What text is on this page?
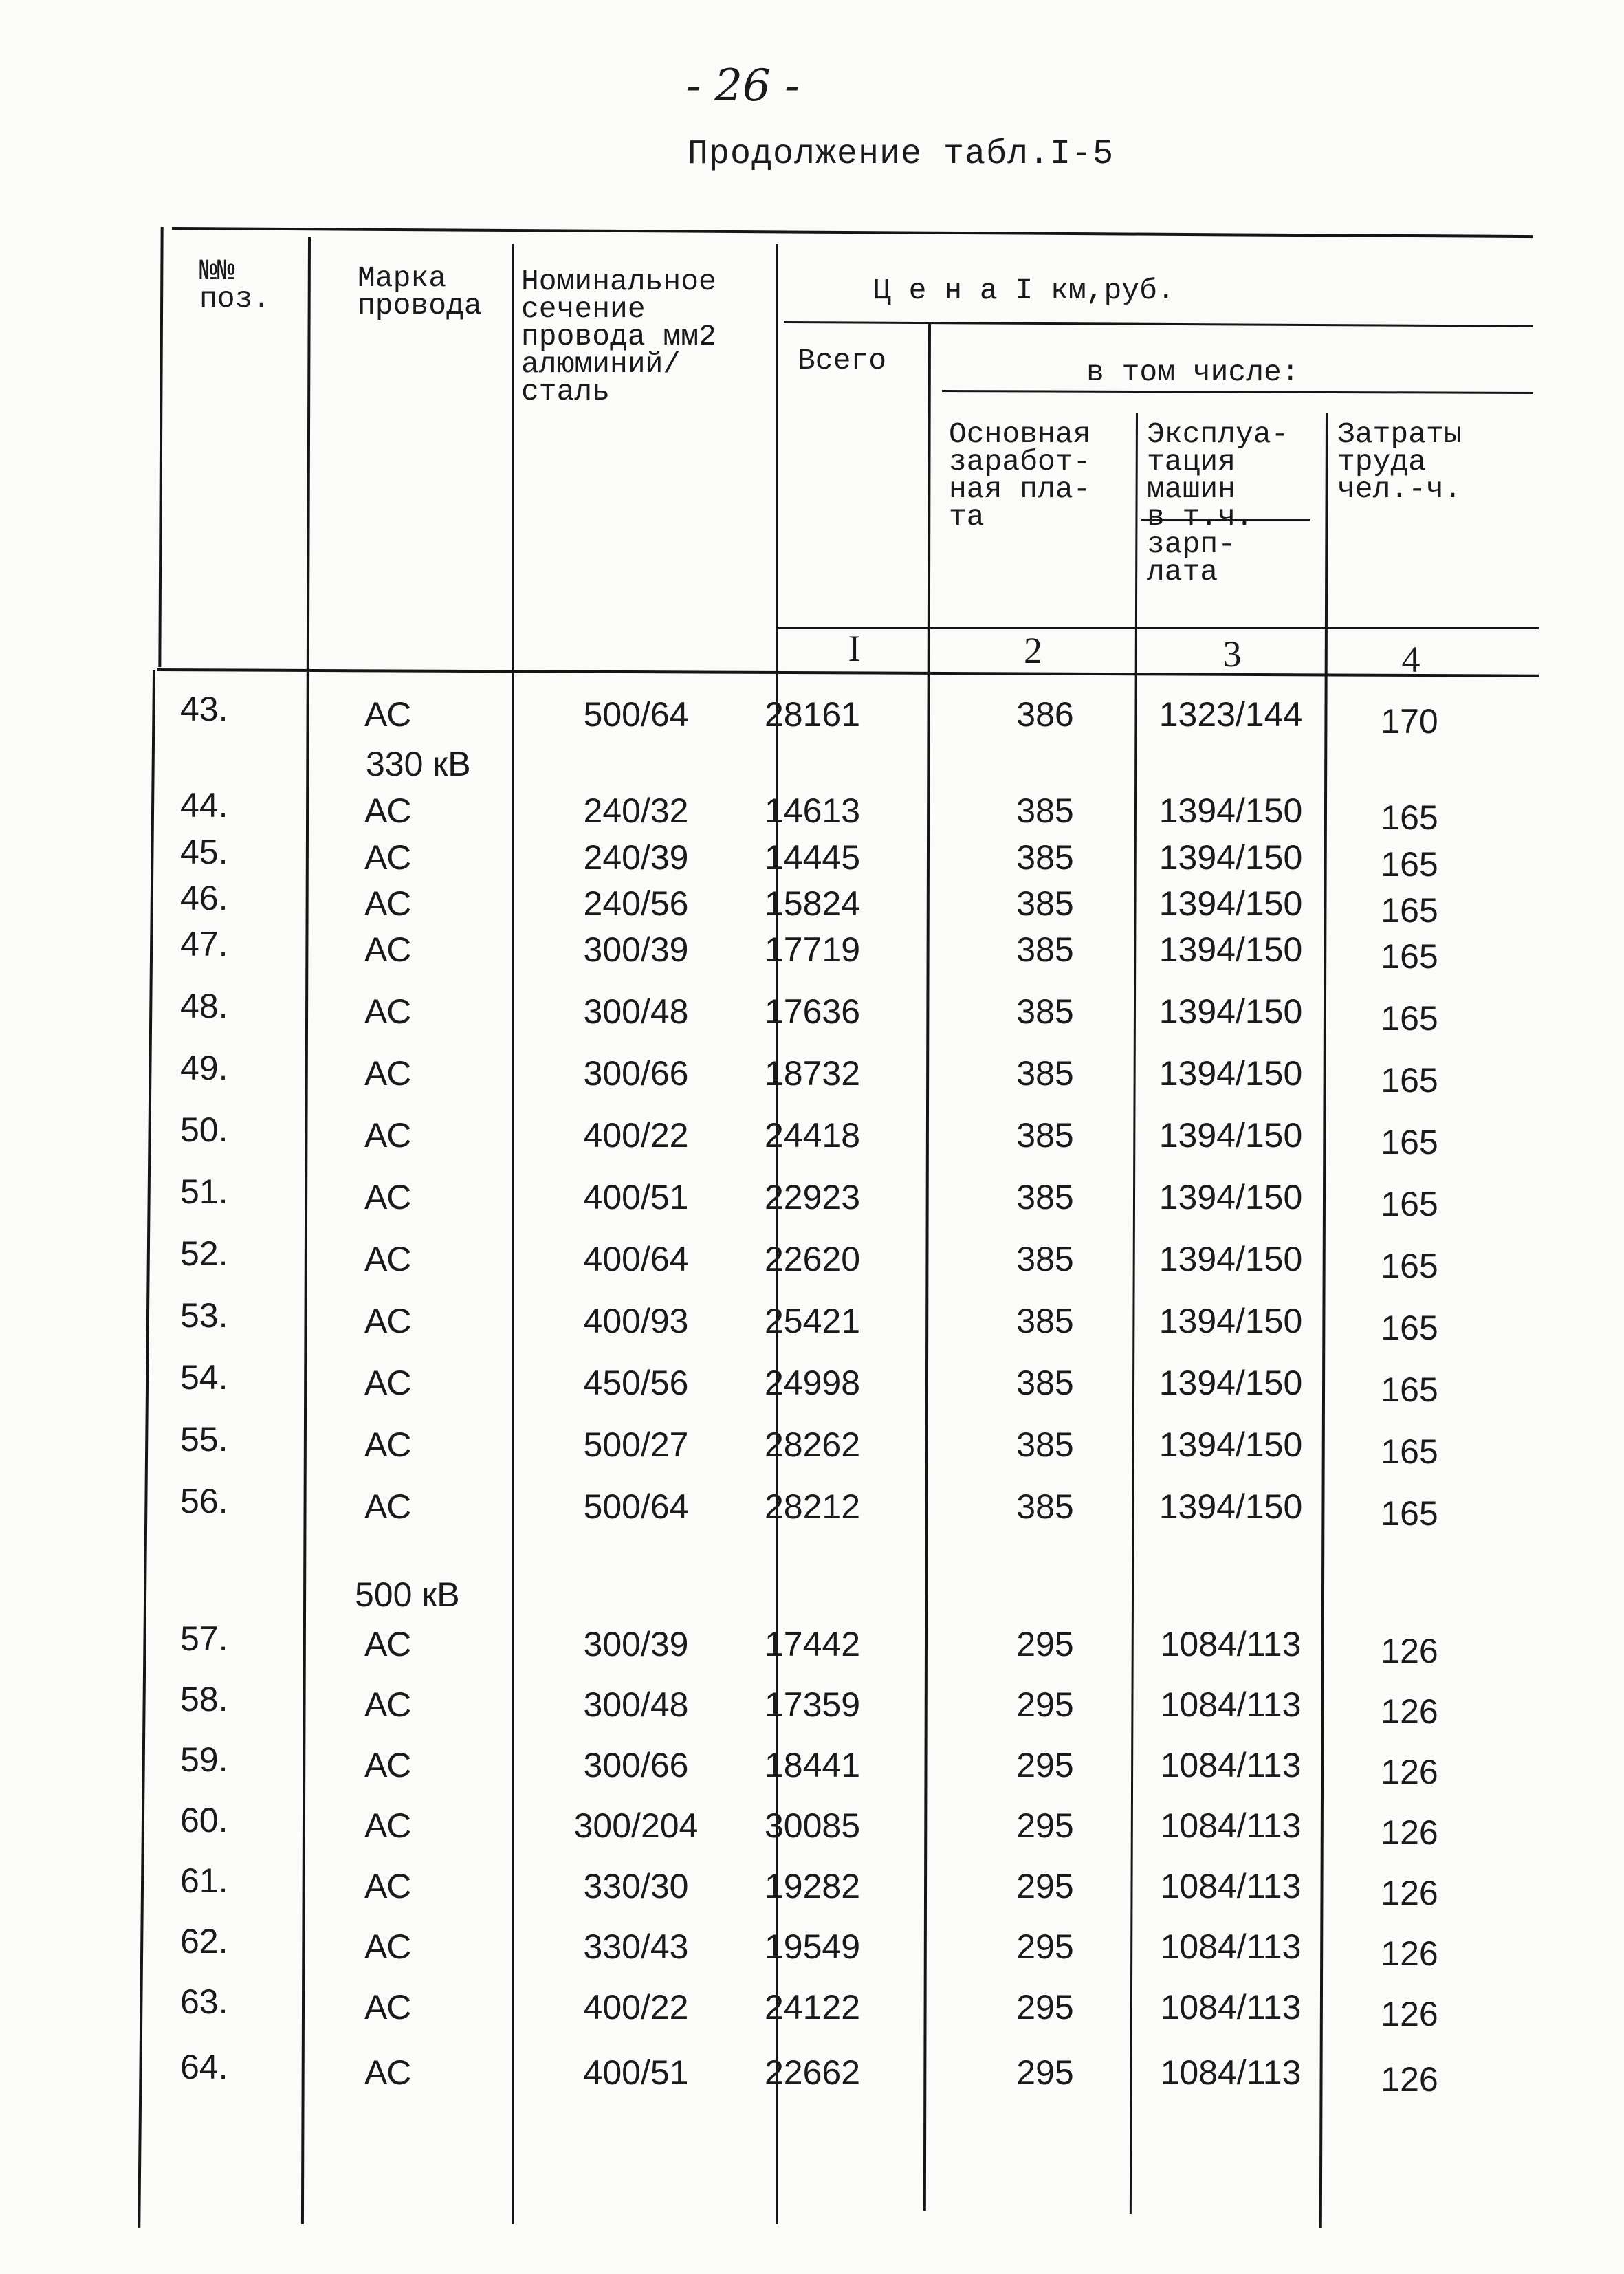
- 26 -
Продолжение табл.I-5
№№
поз.
Марка
провода
Номинальное
сечение
провода мм2
алюминий/
сталь
Ц е н а I км,руб.
Всего	в том числе:
Основная
заработ-
ная пла-
та
Эксплуа-
тация
машин
в т.ч.
зарп-
лата
Затраты
труда
чел.-ч.
I	2	3	4
330 кВ
500 кВ
43.	АС	500/64	28161	386	1323/144	170
44.	АС	240/32	14613	385	1394/150	165
45.	АС	240/39	14445	385	1394/150	165
46.	АС	240/56	15824	385	1394/150	165
47.	АС	300/39	17719	385	1394/150	165
48.	АС	300/48	17636	385	1394/150	165
49.	АС	300/66	18732	385	1394/150	165
50.	АС	400/22	24418	385	1394/150	165
51.	АС	400/51	22923	385	1394/150	165
52.	АС	400/64	22620	385	1394/150	165
53.	АС	400/93	25421	385	1394/150	165
54.	АС	450/56	24998	385	1394/150	165
55.	АС	500/27	28262	385	1394/150	165
56.	АС	500/64	28212	385	1394/150	165
57.	АС	300/39	17442	295	1084/113	126
58.	АС	300/48	17359	295	1084/113	126
59.	АС	300/66	18441	295	1084/113	126
60.	АС	300/204	30085	295	1084/113	126
61.	АС	330/30	19282	295	1084/113	126
62.	АС	330/43	19549	295	1084/113	126
63.	АС	400/22	24122	295	1084/113	126
64.	АС	400/51	22662	295	1084/113	126
